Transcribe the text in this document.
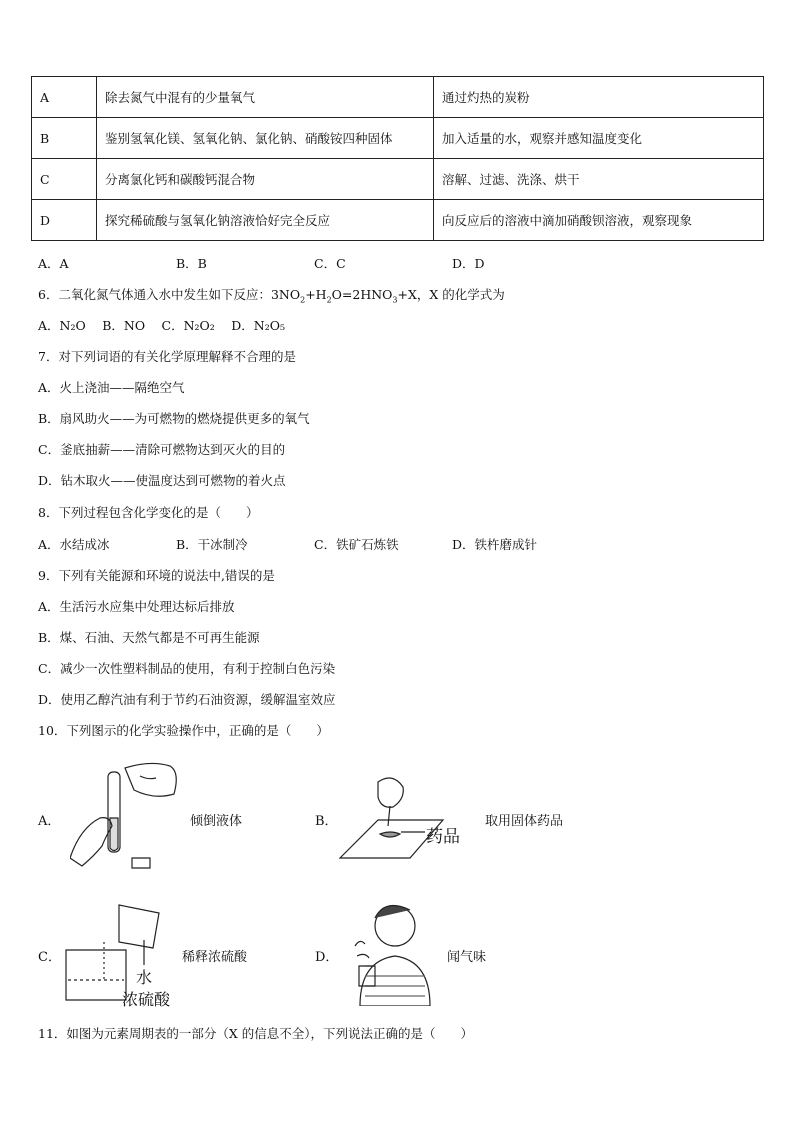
A	除去氮气中混有的少量氧气	通过灼热的炭粉
B	鉴别氢氧化镁、氢氧化钠、氯化钠、硝酸铵四种固体	加入适量的水，观察并感知温度变化
C	分离氯化钙和碳酸钙混合物	溶解、过滤、洗涤、烘干
D	探究稀硫酸与氢氧化钠溶液恰好完全反应	向反应后的溶液中滴加硝酸钡溶液，观察现象
A．A	B．B	C．C	D．D
6．二氧化氮气体通入水中发生如下反应：$3NO_2+H_2O=2HNO_3+X$，X 的化学式为
A．N₂O　 B．NO　 C．N₂O₂　 D．N₂O₅
7．对下列词语的有关化学原理解释不合理的是
A．火上浇油——隔绝空气
B．扇风助火——为可燃物的燃烧提供更多的氧气
C．釜底抽薪——清除可燃物达到灭火的目的
D．钻木取火——使温度达到可燃物的着火点
8．下列过程包含化学变化的是（　　）
A．水结成冰	B．干冰制冷	C．铁矿石炼铁	D．铁杵磨成针
9．下列有关能源和环境的说法中,错误的是
A．生活污水应集中处理达标后排放
B．煤、石油、天然气都是不可再生能源
C．减少一次性塑料制品的使用，有利于控制白色污染
D．使用乙醇汽油有利于节约石油资源，缓解温室效应
10．下列图示的化学实验操作中，正确的是（　　）
A．	倾倒液体	B．
药品
取用固体药品
C．
水
浓硫酸
稀释浓硫酸	D．	闻气味
11．如图为元素周期表的一部分（X 的信息不全），下列说法正确的是（　　）
